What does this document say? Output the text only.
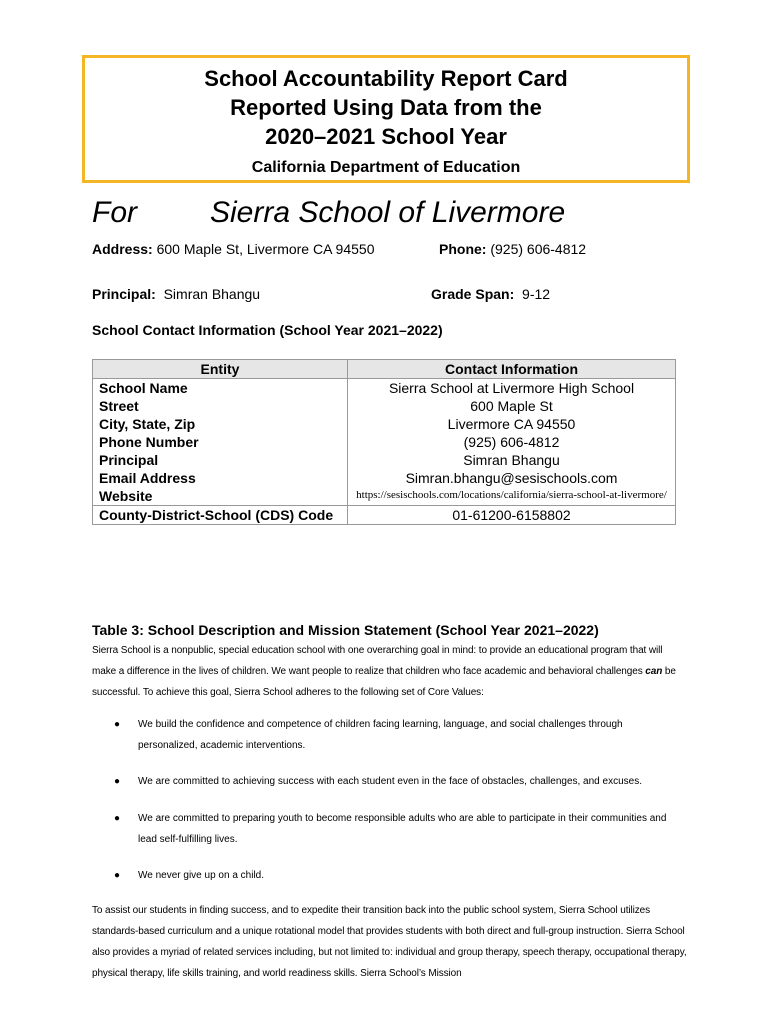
School Accountability Report Card
Reported Using Data from the
2020–2021 School Year
California Department of Education
For Sierra School of Livermore
Address: 600 Maple St, Livermore CA 94550	Phone: (925) 606-4812
Principal: Simran Bhangu	Grade Span: 9-12
School Contact Information (School Year 2021–2022)
Entity	Contact Information
School Name	Sierra School at Livermore High School
Street	600 Maple St
City, State, Zip	Livermore CA 94550
Phone Number	(925) 606-4812
Principal	Simran Bhangu
Email Address	Simran.bhangu@sesischools.com
Website	https://sesischools.com/locations/california/sierra-school-at-livermore/
County-District-School (CDS) Code	01-61200-6158802
Table 3: School Description and Mission Statement (School Year 2021–2022)
Sierra School is a nonpublic, special education school with one overarching goal in mind: to provide an educational program that will make a difference in the lives of children. We want people to realize that children who face academic and behavioral challenges can be successful. To achieve this goal, Sierra School adheres to the following set of Core Values:
● We build the confidence and competence of children facing learning, language, and social challenges through personalized, academic interventions.
● We are committed to achieving success with each student even in the face of obstacles, challenges, and excuses.
● We are committed to preparing youth to become responsible adults who are able to participate in their communities and lead self-fulfilling lives.
● We never give up on a child.
To assist our students in finding success, and to expedite their transition back into the public school system, Sierra School utilizes standards-based curriculum and a unique rotational model that provides students with both direct and full-group instruction. Sierra School also provides a myriad of related services including, but not limited to: individual and group therapy, speech therapy, occupational therapy, physical therapy, life skills training, and world readiness skills. Sierra School’s Mission
